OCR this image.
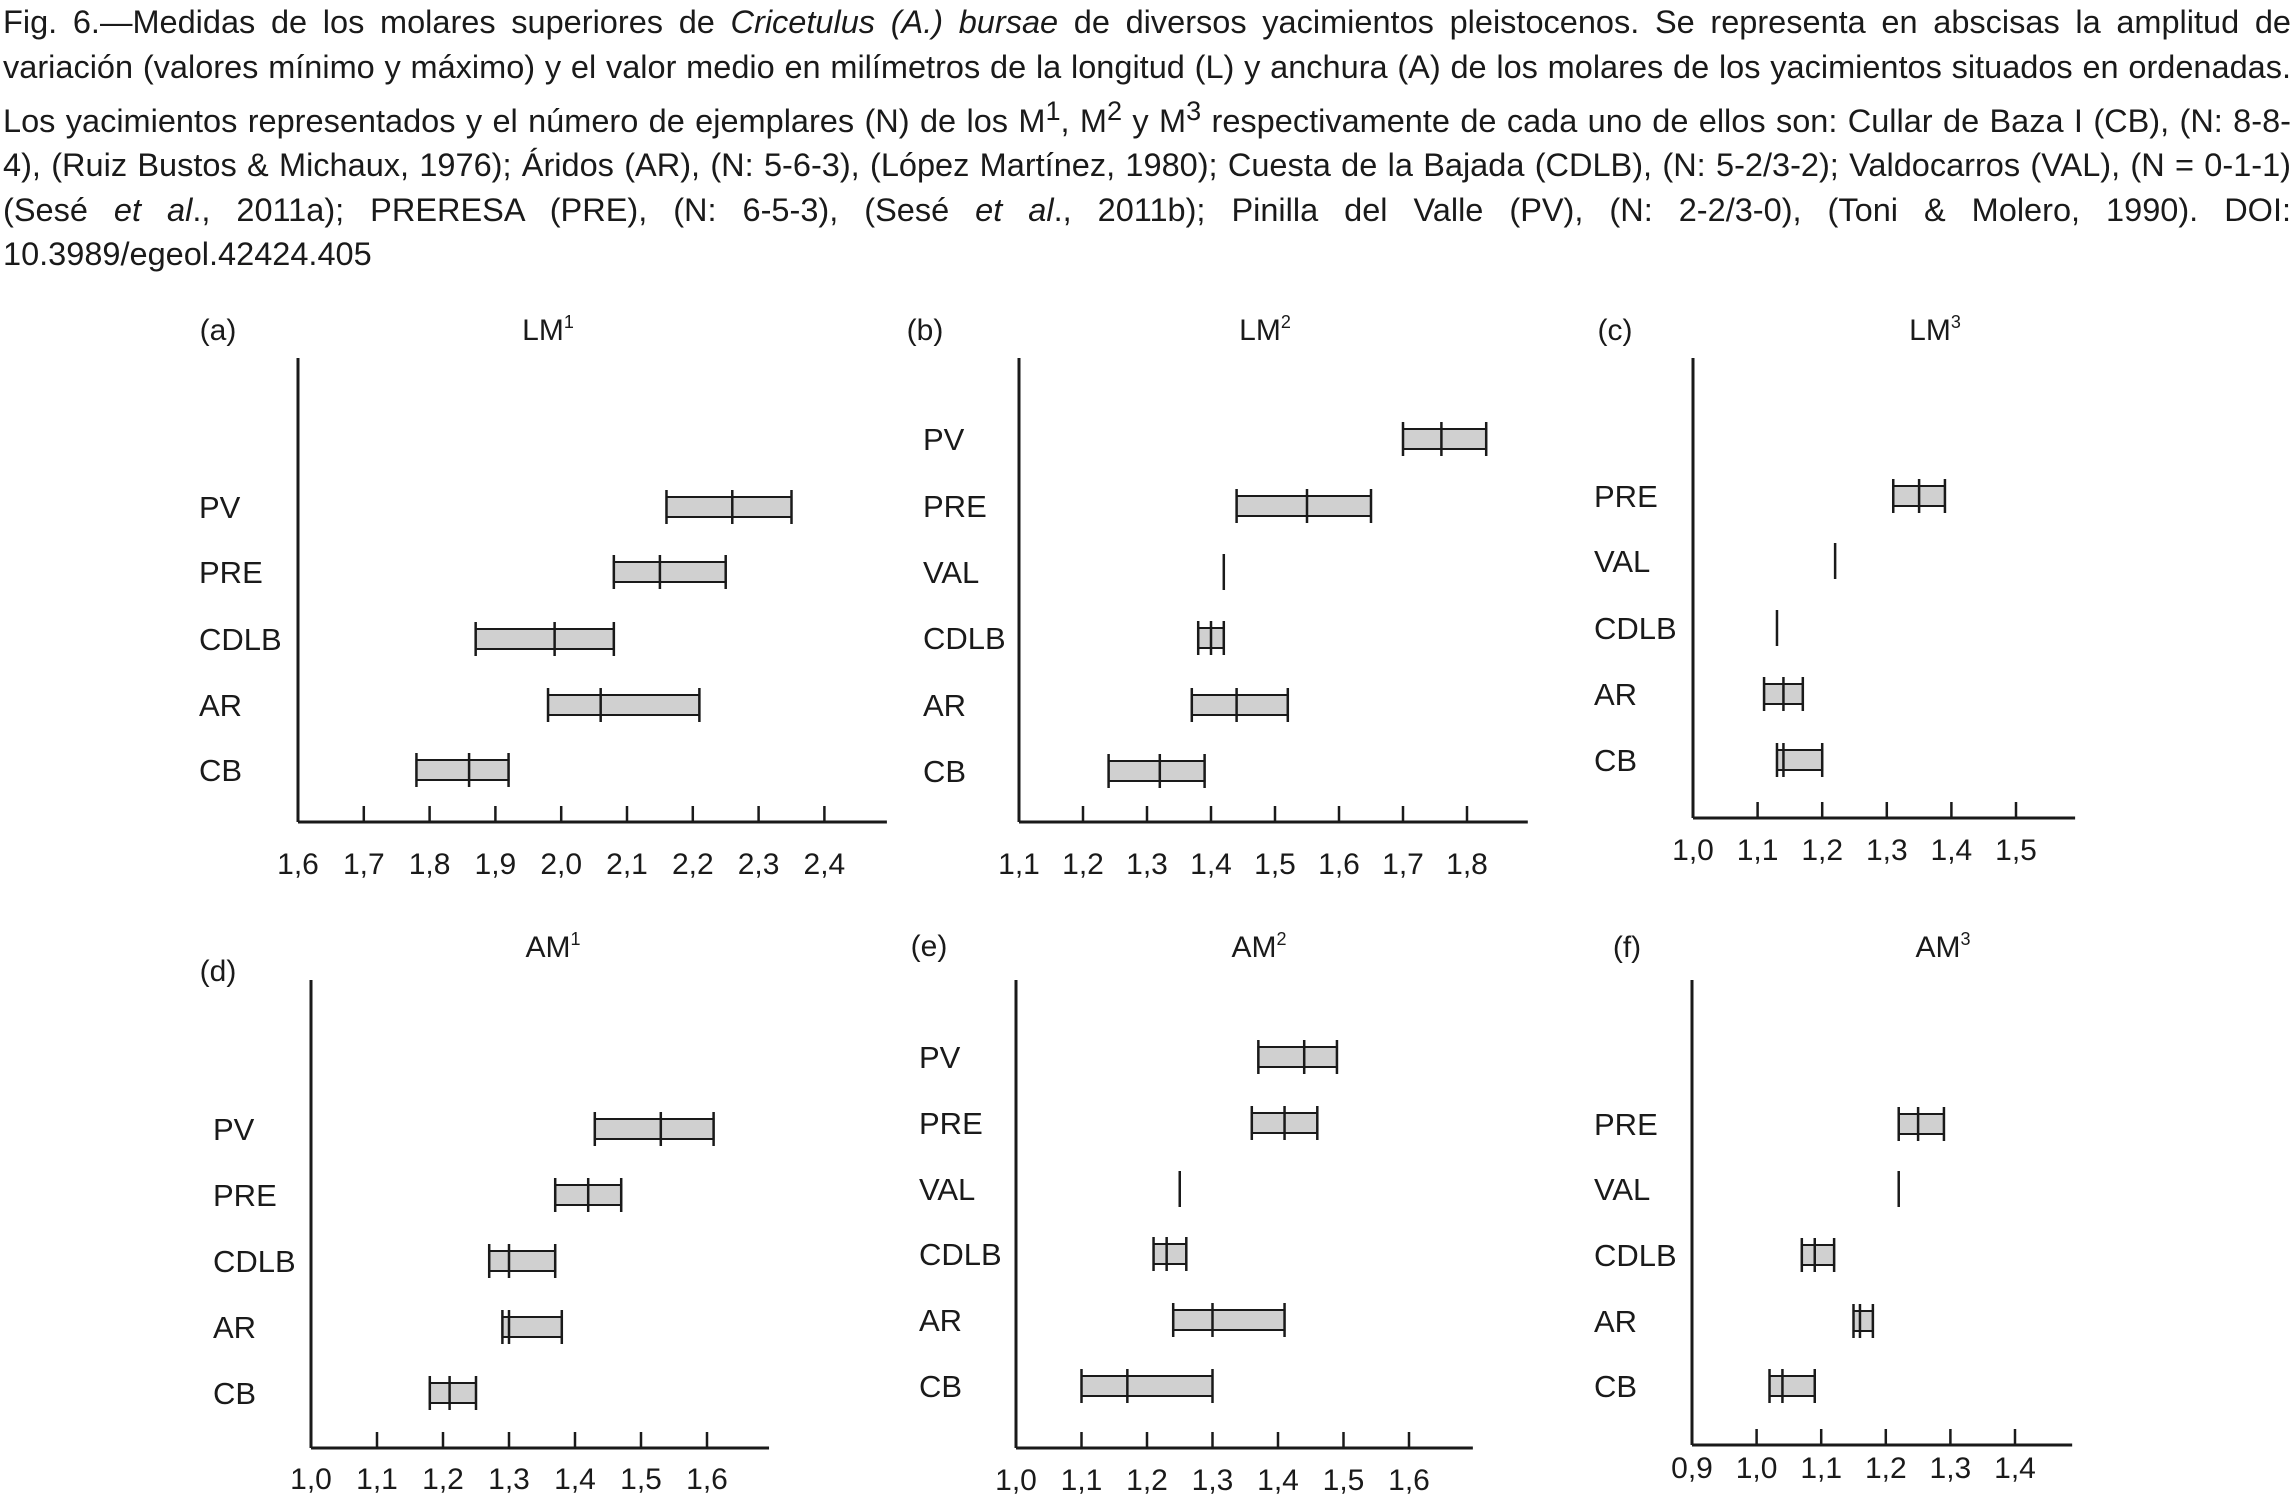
Fig. 6.—Medidas de los molares superiores de Cricetulus (A.) bursae de diversos yacimientos pleistocenos. Se representa en abscisas la amplitud de variación (valores mínimo y máximo) y el valor medio en milímetros de la longitud (L) y anchura (A) de los molares de los yacimientos situados en ordenadas. Los yacimientos representados y el número de ejemplares (N) de los $M^1$, $M^2$ y $M^3$ respectivamente de cada uno de ellos son: Cullar de Baza I (CB), (N: 8-8-4), (Ruiz Bustos & Michaux, 1976); Áridos (AR), (N: 5-6-3), (López Martínez, 1980); Cuesta de la Bajada (CDLB), (N: 5-2/3-2); Valdocarros (VAL), (N = 0-1-1) (Sesé et al., 2011a); PRERESA (PRE), (N: 6-5-3), (Sesé et al., 2011b); Pinilla del Valle (PV), (N: 2-2/3-0), (Toni & Molero, 1990). DOI: 10.3989/egeol.42424.405

1,6 1,7 1,8 1,9 2,0 2,1 2,2 2,3 2,4
(a)	$LM^1$
CB
AR
CDLB
PRE
PV
1,1 1,2 1,3 1,4 1,5 1,6 1,7 1,8
(b)	$LM^2$
CB
AR
CDLB
VAL
PRE
PV
1,0 1,1 1,2 1,3 1,4 1,5
(c)	$LM^3$
CB
AR
CDLB
VAL
PRE
1,0 1,1 1,2 1,3 1,4 1,5 1,6
(d)
$AM^1$
CB
AR
CDLB
PRE
PV
1,0 1,1 1,2 1,3 1,4 1,5 1,6
(e)	$AM^2$
CB
AR
CDLB
VAL
PRE
PV
0,9 1,0 1,1 1,2 1,3 1,4
(f)	$AM^3$
CB
AR
CDLB
VAL
PRE
